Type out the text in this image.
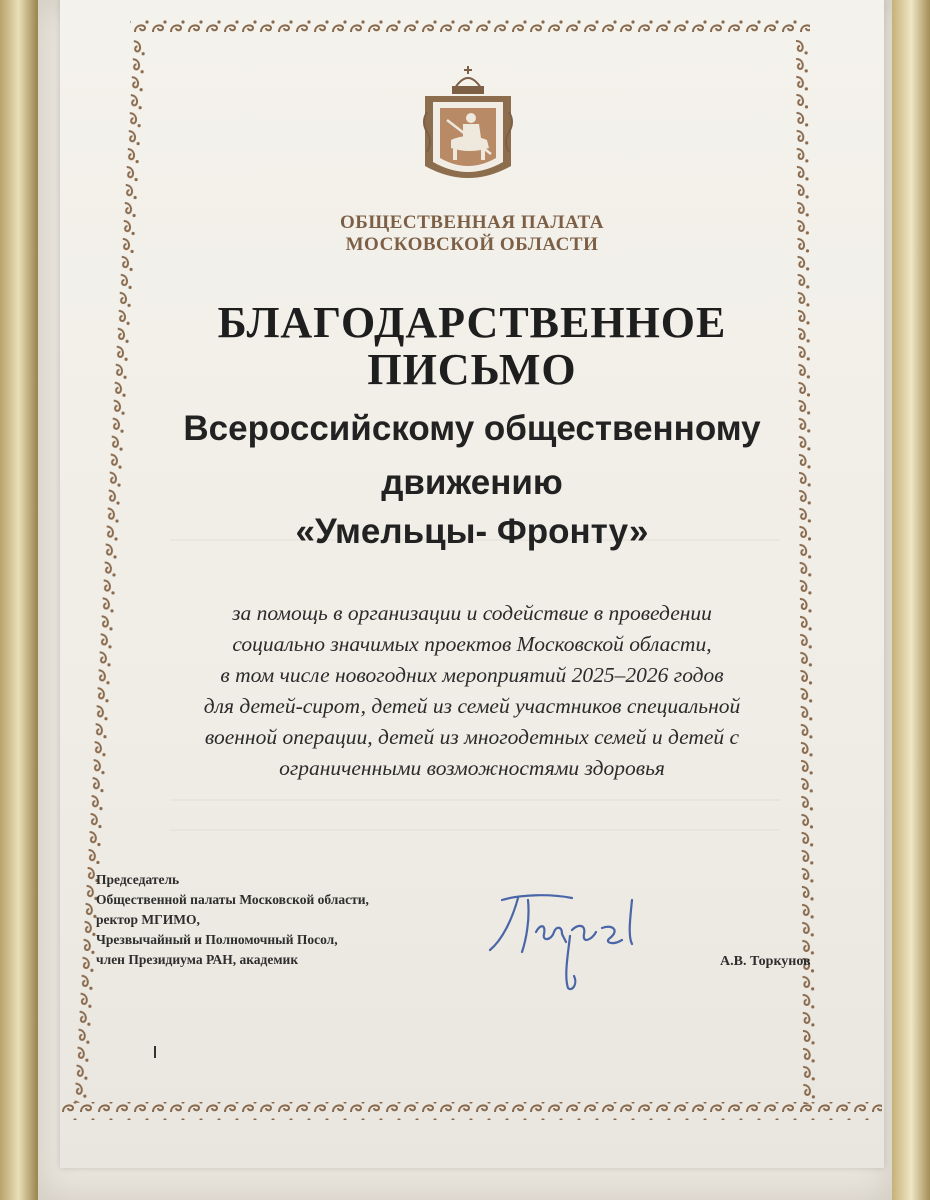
ОБЩЕСТВЕННАЯ ПАЛАТА
МОСКОВСКОЙ ОБЛАСТИ
БЛАГОДАРСТВЕННОЕ
ПИСЬМО
Всероссийскому общественному
движению
«Умельцы- Фронту»
за помощь в организации и содействие в проведении
социально значимых проектов Московской области,
в том числе новогодних мероприятий 2025–2026 годов
для детей-сирот, детей из семей участников специальной
военной операции, детей из многодетных семей и детей с
ограниченными возможностями здоровья
Председатель
Общественной палаты Московской области,
ректор МГИМО,
Чрезвычайный и Полномочный Посол,
член Президиума РАН, академик	А.В. Торкунов
